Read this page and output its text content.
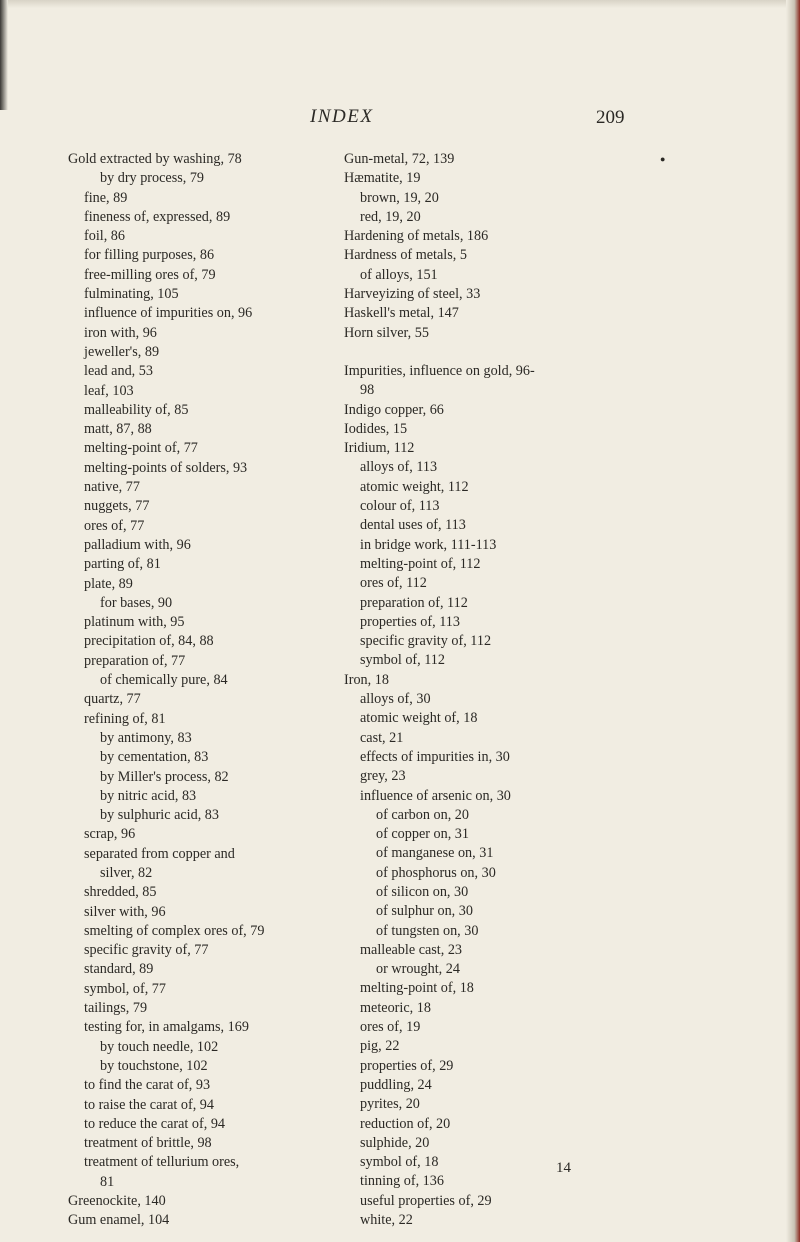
INDEX	209
●
Gold extracted by washing, 78
by dry process, 79
fine, 89
fineness of, expressed, 89
foil, 86
for filling purposes, 86
free-milling ores of, 79
fulminating, 105
influence of impurities on, 96
iron with, 96
jeweller's, 89
lead and, 53
leaf, 103
malleability of, 85
matt, 87, 88
melting-point of, 77
melting-points of solders, 93
native, 77
nuggets, 77
ores of, 77
palladium with, 96
parting of, 81
plate, 89
for bases, 90
platinum with, 95
precipitation of, 84, 88
preparation of, 77
of chemically pure, 84
quartz, 77
refining of, 81
by antimony, 83
by cementation, 83
by Miller's process, 82
by nitric acid, 83
by sulphuric acid, 83
scrap, 96
separated from copper and
silver, 82
shredded, 85
silver with, 96
smelting of complex ores of, 79
specific gravity of, 77
standard, 89
symbol, of, 77
tailings, 79
testing for, in amalgams, 169
by touch needle, 102
by touchstone, 102
to find the carat of, 93
to raise the carat of, 94
to reduce the carat of, 94
treatment of brittle, 98
treatment of tellurium ores,
81
Greenockite, 140
Gum enamel, 104
Gun-metal, 72, 139
Hæmatite, 19
brown, 19, 20
red, 19, 20
Hardening of metals, 186
Hardness of metals, 5
of alloys, 151
Harveyizing of steel, 33
Haskell's metal, 147
Horn silver, 55
Impurities, influence on gold, 96-
98
Indigo copper, 66
Iodides, 15
Iridium, 112
alloys of, 113
atomic weight, 112
colour of, 113
dental uses of, 113
in bridge work, 111-113
melting-point of, 112
ores of, 112
preparation of, 112
properties of, 113
specific gravity of, 112
symbol of, 112
Iron, 18
alloys of, 30
atomic weight of, 18
cast, 21
effects of impurities in, 30
grey, 23
influence of arsenic on, 30
of carbon on, 20
of copper on, 31
of manganese on, 31
of phosphorus on, 30
of silicon on, 30
of sulphur on, 30
of tungsten on, 30
malleable cast, 23
or wrought, 24
melting-point of, 18
meteoric, 18
ores of, 19
pig, 22
properties of, 29
puddling, 24
pyrites, 20
reduction of, 20
sulphide, 20
symbol of, 18
tinning of, 136
useful properties of, 29
white, 22
14
